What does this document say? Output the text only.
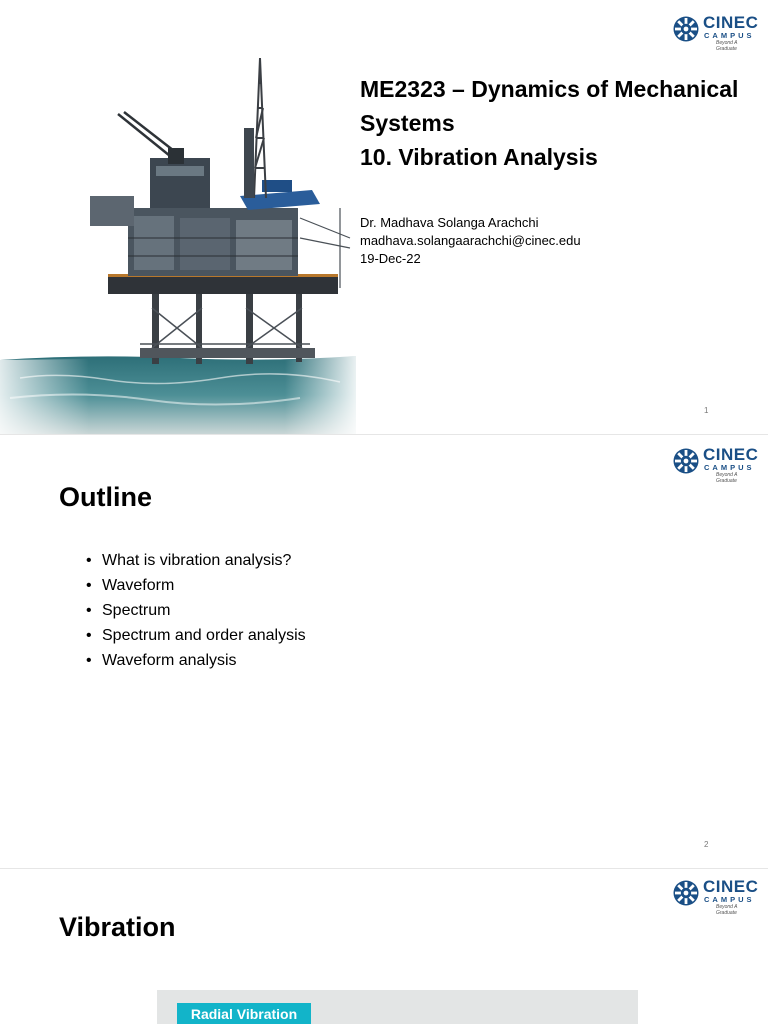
CINEC
CAMPUS
Beyond A Graduate
ME2323 – Dynamics of Mechanical
Systems
10. Vibration Analysis
Dr. Madhava Solanga Arachchi
madhava.solangaarachchi@cinec.edu
19-Dec-22
1
CINEC
CAMPUS
Beyond A Graduate
Outline
• What is vibration analysis?
• Waveform
• Spectrum
• Spectrum and order analysis
• Waveform analysis
2
CINEC
CAMPUS
Beyond A Graduate
Vibration
Radial Vibration
